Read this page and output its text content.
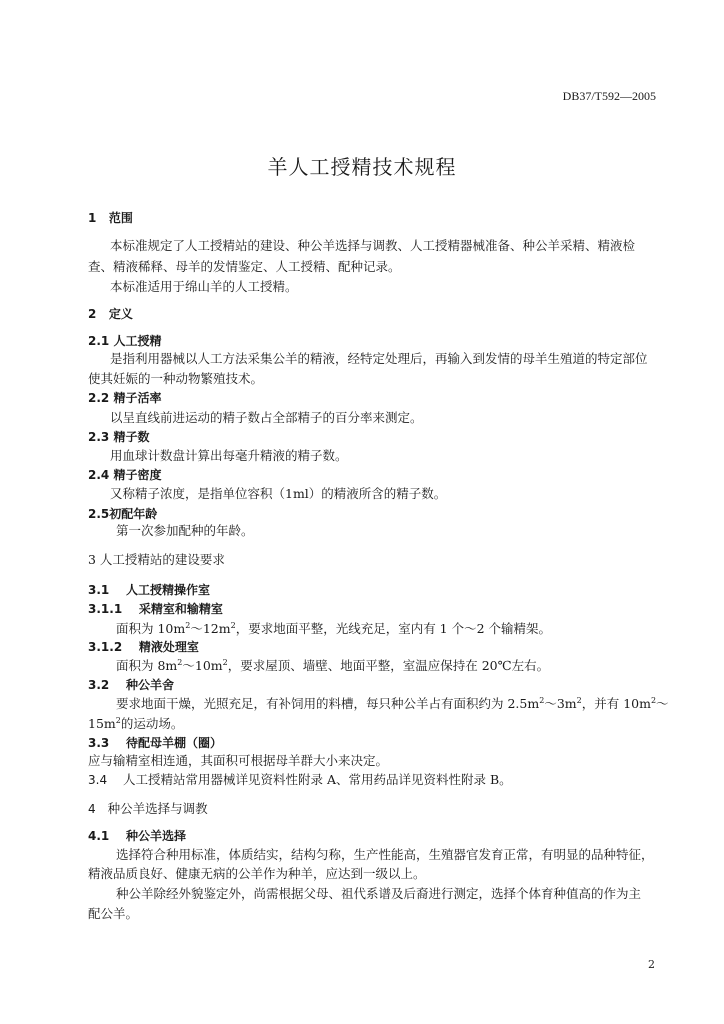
DB37/T592—2005
羊人工授精技术规程
1 范围
本标准规定了人工授精站的建设、种公羊选择与调教、人工授精器械准备、种公羊采精、精液检
查、精液稀释、母羊的发情鉴定、人工授精、配种记录。
本标准适用于绵山羊的人工授精。
2 定义
2.1 人工授精
是指利用器械以人工方法采集公羊的精液，经特定处理后，再输入到发情的母羊生殖道的特定部位
使其妊娠的一种动物繁殖技术。
2.2 精子活率
以呈直线前进运动的精子数占全部精子的百分率来测定。
2.3 精子数
用血球计数盘计算出每毫升精液的精子数。
2.4 精子密度
又称精子浓度，是指单位容积（1ml）的精液所含的精子数。
2.5初配年龄
第一次参加配种的年龄。
3 人工授精站的建设要求
3.1 人工授精操作室
3.1.1 采精室和输精室
面积为 $10m^2\sim 12m^2$，要求地面平整，光线充足，室内有 1 个～2 个输精架。
3.1.2 精液处理室
面积为 $8m^2\sim 10m^2$，要求屋顶、墙壁、地面平整，室温应保持在 20℃左右。
3.2 种公羊舍
要求地面干燥，光照充足，有补饲用的料槽，每只种公羊占有面积约为 $2.5m^2\sim 3m^2$，并有 $10m^2\sim$
$15m^2$的运动场。
3.3 待配母羊棚（圈）
应与输精室相连通，其面积可根据母羊群大小来决定。
3.4 人工授精站常用器械详见资料性附录 A、常用药品详见资料性附录 B。
4 种公羊选择与调教
4.1 种公羊选择
选择符合种用标准，体质结实，结构匀称，生产性能高，生殖器官发育正常，有明显的品种特征，
精液品质良好、健康无病的公羊作为种羊，应达到一级以上。
种公羊除经外貌鉴定外，尚需根据父母、祖代系谱及后裔进行测定，选择个体育种值高的作为主
配公羊。
2
